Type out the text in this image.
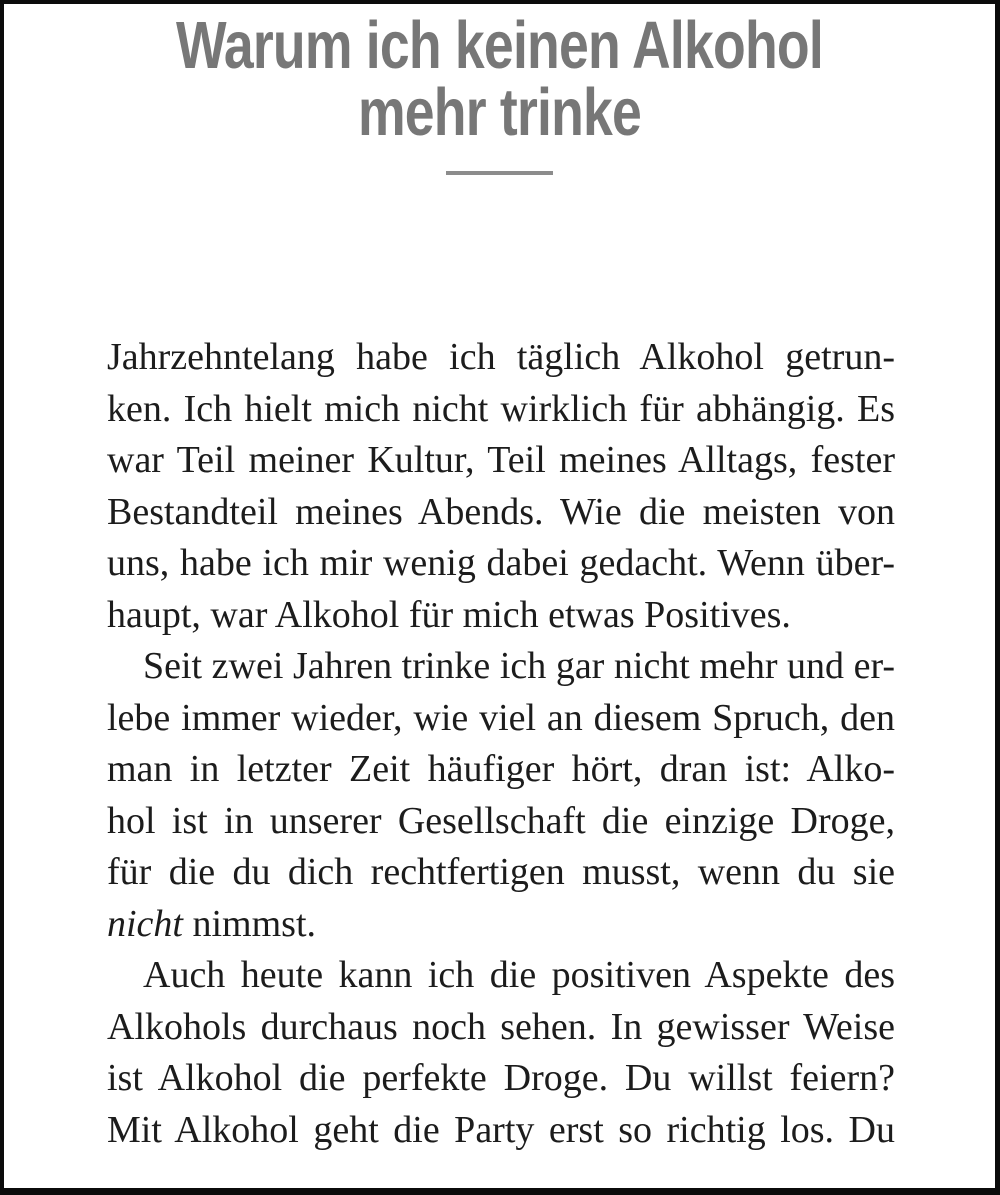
Warum ich keinen Alkohol
mehr trinke
Jahrzehntelang habe ich täglich Alkohol getrun-
ken. Ich hielt mich nicht wirklich für abhängig. Es
war Teil meiner Kultur, Teil meines Alltags, fester
Bestandteil meines Abends. Wie die meisten von
uns, habe ich mir wenig dabei gedacht. Wenn über-
haupt, war Alkohol für mich etwas Positives.
Seit zwei Jahren trinke ich gar nicht mehr und er-
lebe immer wieder, wie viel an diesem Spruch, den
man in letzter Zeit häufiger hört, dran ist: Alko-
hol ist in unserer Gesellschaft die einzige Droge,
für die du dich rechtfertigen musst, wenn du sie
nicht nimmst.
Auch heute kann ich die positiven Aspekte des
Alkohols durchaus noch sehen. In gewisser Weise
ist Alkohol die perfekte Droge. Du willst feiern?
Mit Alkohol geht die Party erst so richtig los. Du
